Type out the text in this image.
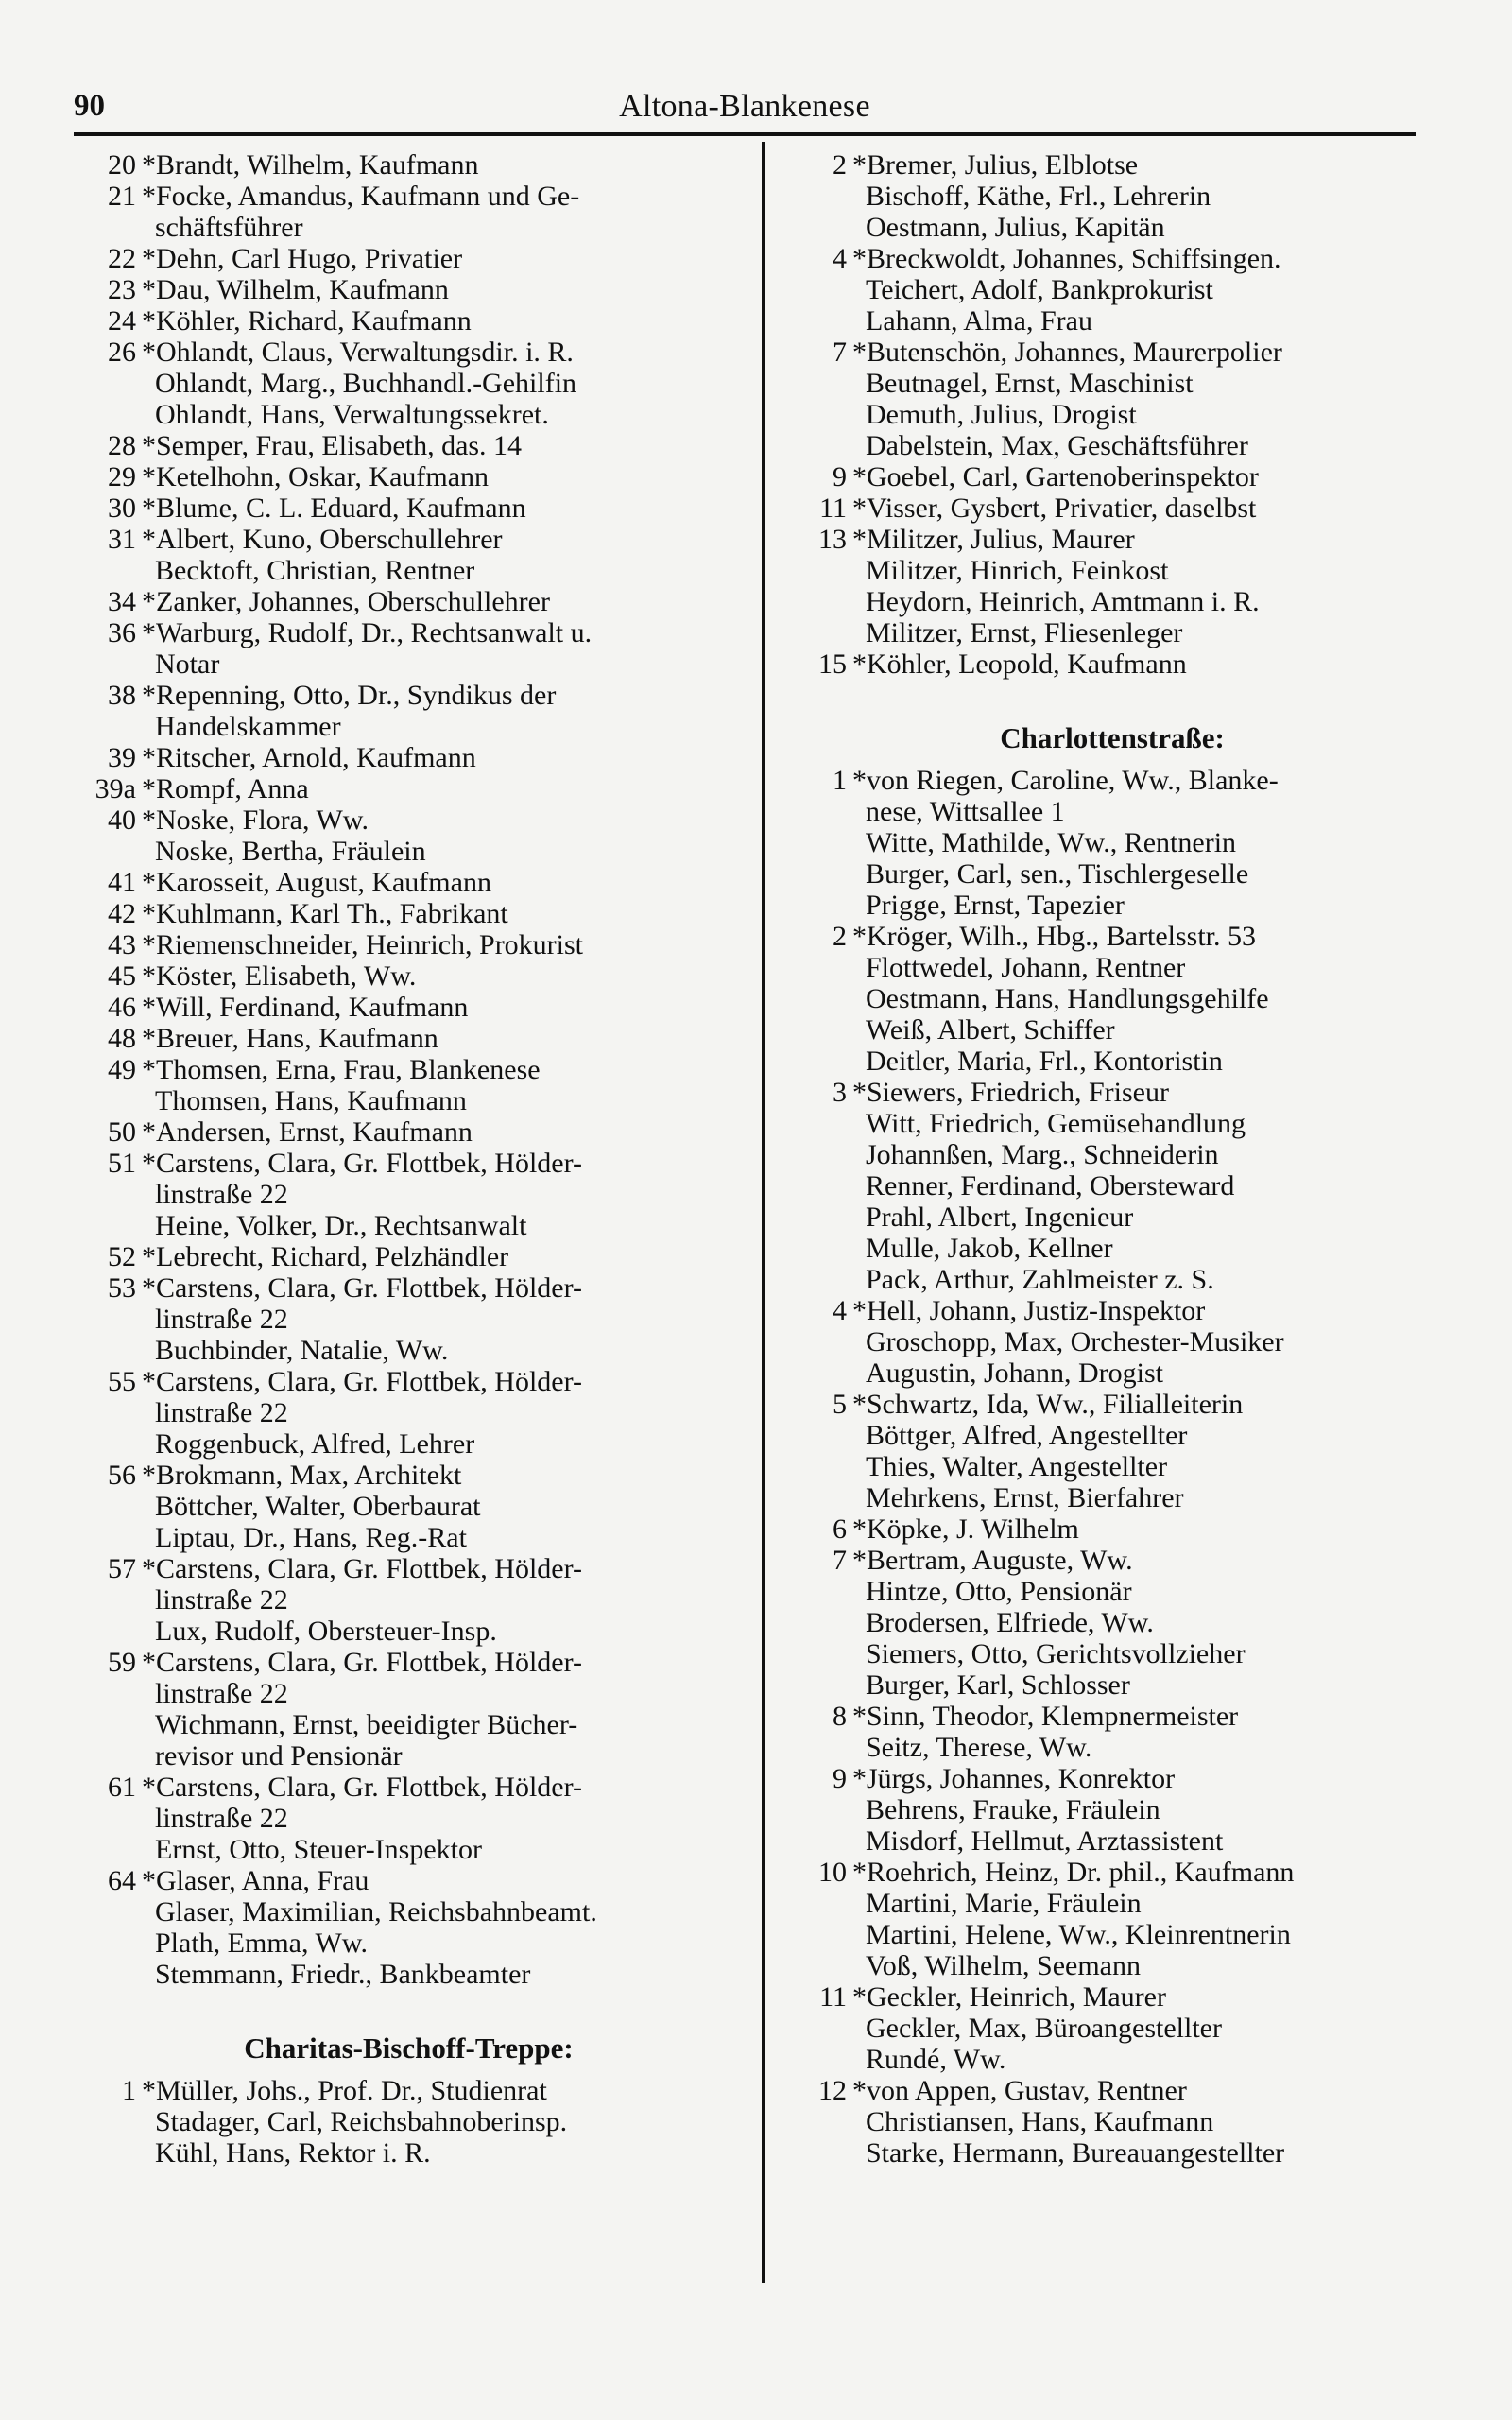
90	Altona-Blankenese
20 *Brandt, Wilhelm, Kaufmann
21 *Focke, Amandus, Kaufmann und Ge-
schäftsführer
22 *Dehn, Carl Hugo, Privatier
23 *Dau, Wilhelm, Kaufmann
24 *Köhler, Richard, Kaufmann
26 *Ohlandt, Claus, Verwaltungsdir. i. R.
Ohlandt, Marg., Buchhandl.-Gehilfin
Ohlandt, Hans, Verwaltungssekret.
28 *Semper, Frau, Elisabeth, das. 14
29 *Ketelhohn, Oskar, Kaufmann
30 *Blume, C. L. Eduard, Kaufmann
31 *Albert, Kuno, Oberschullehrer
Becktoft, Christian, Rentner
34 *Zanker, Johannes, Oberschullehrer
36 *Warburg, Rudolf, Dr., Rechtsanwalt u.
Notar
38 *Repenning, Otto, Dr., Syndikus der
Handelskammer
39 *Ritscher, Arnold, Kaufmann
39a *Rompf, Anna
40 *Noske, Flora, Ww.
Noske, Bertha, Fräulein
41 *Karosseit, August, Kaufmann
42 *Kuhlmann, Karl Th., Fabrikant
43 *Riemenschneider, Heinrich, Prokurist
45 *Köster, Elisabeth, Ww.
46 *Will, Ferdinand, Kaufmann
48 *Breuer, Hans, Kaufmann
49 *Thomsen, Erna, Frau, Blankenese
Thomsen, Hans, Kaufmann
50 *Andersen, Ernst, Kaufmann
51 *Carstens, Clara, Gr. Flottbek, Hölder-
linstraße 22
Heine, Volker, Dr., Rechtsanwalt
52 *Lebrecht, Richard, Pelzhändler
53 *Carstens, Clara, Gr. Flottbek, Hölder-
linstraße 22
Buchbinder, Natalie, Ww.
55 *Carstens, Clara, Gr. Flottbek, Hölder-
linstraße 22
Roggenbuck, Alfred, Lehrer
56 *Brokmann, Max, Architekt
Böttcher, Walter, Oberbaurat
Liptau, Dr., Hans, Reg.-Rat
57 *Carstens, Clara, Gr. Flottbek, Hölder-
linstraße 22
Lux, Rudolf, Obersteuer-Insp.
59 *Carstens, Clara, Gr. Flottbek, Hölder-
linstraße 22
Wichmann, Ernst, beeidigter Bücher-
revisor und Pensionär
61 *Carstens, Clara, Gr. Flottbek, Hölder-
linstraße 22
Ernst, Otto, Steuer-Inspektor
64 *Glaser, Anna, Frau
Glaser, Maximilian, Reichsbahnbeamt.
Plath, Emma, Ww.
Stemmann, Friedr., Bankbeamter
Charitas-Bischoff-Treppe:
1 *Müller, Johs., Prof. Dr., Studienrat
Stadager, Carl, Reichsbahnoberinsp.
Kühl, Hans, Rektor i. R.
2 *Bremer, Julius, Elblotse
Bischoff, Käthe, Frl., Lehrerin
Oestmann, Julius, Kapitän
4 *Breckwoldt, Johannes, Schiffsingen.
Teichert, Adolf, Bankprokurist
Lahann, Alma, Frau
7 *Butenschön, Johannes, Maurerpolier
Beutnagel, Ernst, Maschinist
Demuth, Julius, Drogist
Dabelstein, Max, Geschäftsführer
9 *Goebel, Carl, Gartenoberinspektor
11 *Visser, Gysbert, Privatier, daselbst
13 *Militzer, Julius, Maurer
Militzer, Hinrich, Feinkost
Heydorn, Heinrich, Amtmann i. R.
Militzer, Ernst, Fliesenleger
15 *Köhler, Leopold, Kaufmann
Charlottenstraße:
1 *von Riegen, Caroline, Ww., Blanke-
nese, Wittsallee 1
Witte, Mathilde, Ww., Rentnerin
Burger, Carl, sen., Tischlergeselle
Prigge, Ernst, Tapezier
2 *Kröger, Wilh., Hbg., Bartelsstr. 53
Flottwedel, Johann, Rentner
Oestmann, Hans, Handlungsgehilfe
Weiß, Albert, Schiffer
Deitler, Maria, Frl., Kontoristin
3 *Siewers, Friedrich, Friseur
Witt, Friedrich, Gemüsehandlung
Johannßen, Marg., Schneiderin
Renner, Ferdinand, Obersteward
Prahl, Albert, Ingenieur
Mulle, Jakob, Kellner
Pack, Arthur, Zahlmeister z. S.
4 *Hell, Johann, Justiz-Inspektor
Groschopp, Max, Orchester-Musiker
Augustin, Johann, Drogist
5 *Schwartz, Ida, Ww., Filialleiterin
Böttger, Alfred, Angestellter
Thies, Walter, Angestellter
Mehrkens, Ernst, Bierfahrer
6 *Köpke, J. Wilhelm
7 *Bertram, Auguste, Ww.
Hintze, Otto, Pensionär
Brodersen, Elfriede, Ww.
Siemers, Otto, Gerichtsvollzieher
Burger, Karl, Schlosser
8 *Sinn, Theodor, Klempnermeister
Seitz, Therese, Ww.
9 *Jürgs, Johannes, Konrektor
Behrens, Frauke, Fräulein
Misdorf, Hellmut, Arztassistent
10 *Roehrich, Heinz, Dr. phil., Kaufmann
Martini, Marie, Fräulein
Martini, Helene, Ww., Kleinrentnerin
Voß, Wilhelm, Seemann
11 *Geckler, Heinrich, Maurer
Geckler, Max, Büroangestellter
Rundé, Ww.
12 *von Appen, Gustav, Rentner
Christiansen, Hans, Kaufmann
Starke, Hermann, Bureauangestellter
